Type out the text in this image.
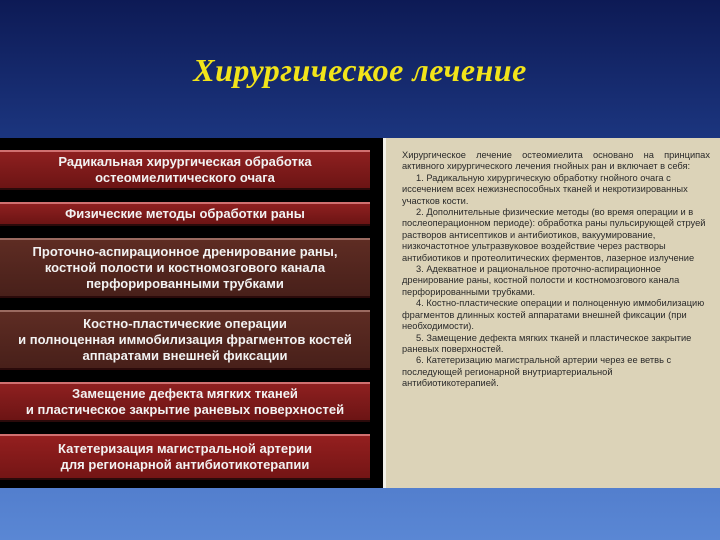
Хирургическое лечение
Радикальная хирургическая обработка
остеомиелитического очага
Физические методы обработки раны
Проточно-аспирационное дренирование раны,
костной полости и костномозгового канала
перфорированными трубками
Костно-пластические операции
и полноценная иммобилизация фрагментов костей
аппаратами внешней фиксации
Замещение дефекта мягких тканей
и пластическое закрытие раневых поверхностей
Катетеризация магистральной артерии
для регионарной антибиотикотерапии

Хирургическое лечение остеомиелита основано на принципах активного хирургического лечения гнойных ран и включает в себя:

1. Радикальную хирургическую обработку гнойного очага с иссечением всех нежизнеспособных тканей и некротизированных участков кости.

2. Дополнительные физические методы (во время операции и в послеоперационном периоде): обработка раны пульсирующей струей растворов антисептиков и антибиотиков, вакуумирование, низкочастотное ультразвуковое воздействие через растворы антибиотиков и протеолитических ферментов, лазерное излучение

3. Адекватное и рациональное проточно-аспирационное дренирование раны, костной полости и костномозгового канала перфорированными трубками.

4. Костно-пластические операции и полноценную иммобилизацию фрагментов длинных костей аппаратами внешней фиксации (при необходимости).

5. Замещение дефекта мягких тканей и пластическое закрытие раневых поверхностей.

6. Катетеризацию магистральной артерии через ее ветвь с последующей регионарной внутриартериальной антибиотикотерапией.
